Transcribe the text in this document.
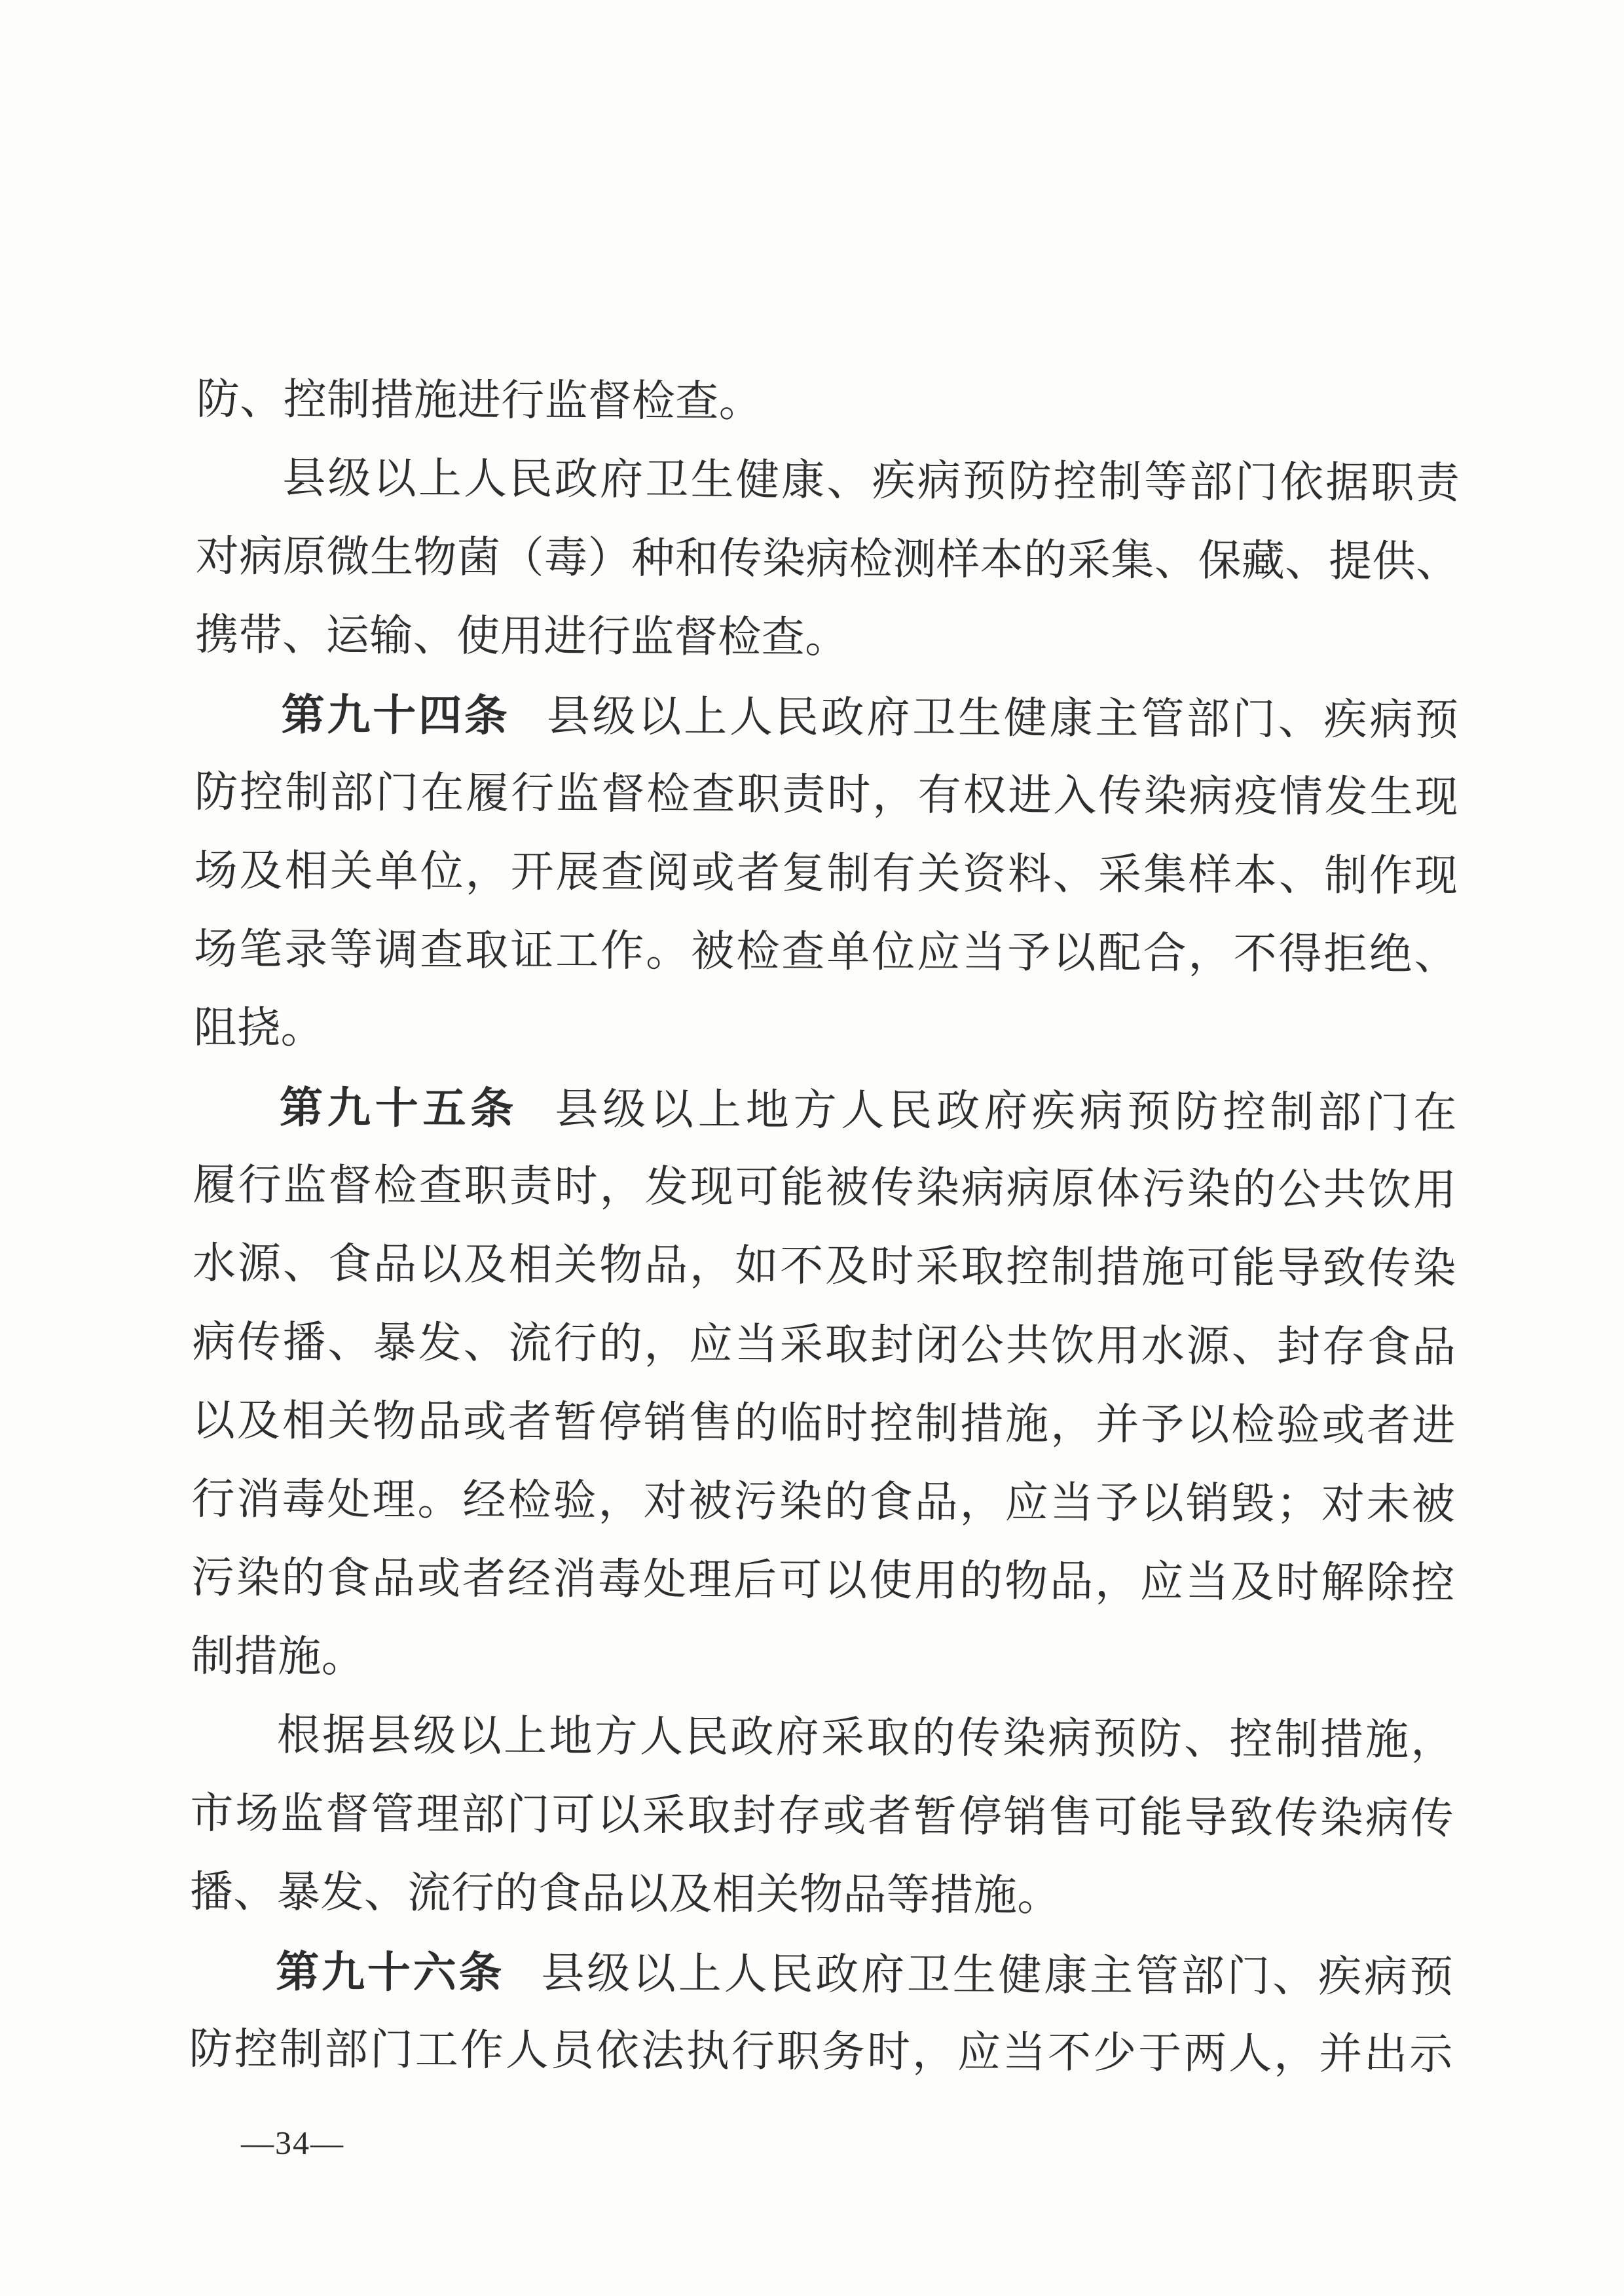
防、控制措施进行监督检查。
县级以上人民政府卫生健康、疾病预防控制等部门依据职责
对病原微生物菌（毒）种和传染病检测样本的采集、保藏、提供、
携带、运输、使用进行监督检查。
第九十四条 县级以上人民政府卫生健康主管部门、疾病预
防控制部门在履行监督检查职责时，有权进入传染病疫情发生现
场及相关单位，开展查阅或者复制有关资料、采集样本、制作现
场笔录等调查取证工作。被检查单位应当予以配合，不得拒绝、
阻挠。
第九十五条 县级以上地方人民政府疾病预防控制部门在
履行监督检查职责时，发现可能被传染病病原体污染的公共饮用
水源、食品以及相关物品，如不及时采取控制措施可能导致传染
病传播、暴发、流行的，应当采取封闭公共饮用水源、封存食品
以及相关物品或者暂停销售的临时控制措施，并予以检验或者进
行消毒处理。经检验，对被污染的食品，应当予以销毁；对未被
污染的食品或者经消毒处理后可以使用的物品，应当及时解除控
制措施。
根据县级以上地方人民政府采取的传染病预防、控制措施，
市场监督管理部门可以采取封存或者暂停销售可能导致传染病传
播、暴发、流行的食品以及相关物品等措施。
第九十六条 县级以上人民政府卫生健康主管部门、疾病预
防控制部门工作人员依法执行职务时，应当不少于两人，并出示
—34—
